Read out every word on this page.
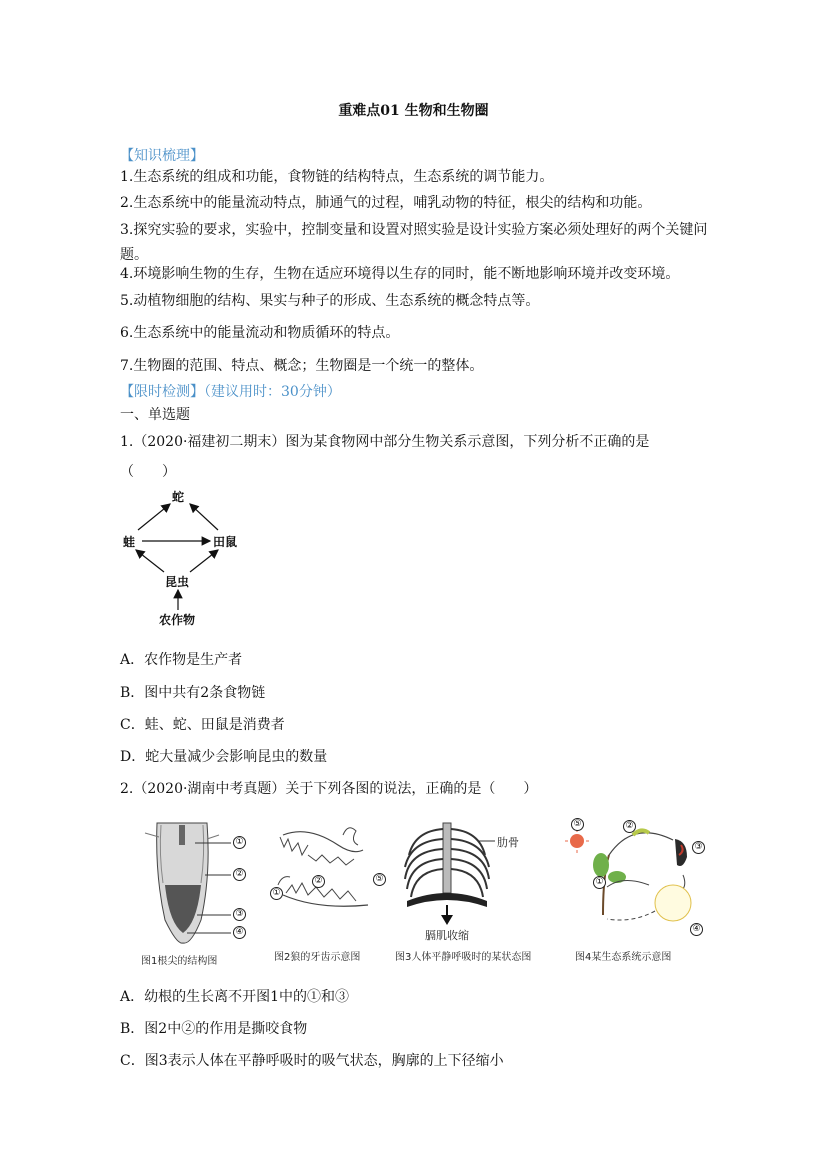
重难点01 生物和生物圈
【知识梳理】
1.生态系统的组成和功能，食物链的结构特点，生态系统的调节能力。
2.生态系统中的能量流动特点，肺通气的过程，哺乳动物的特征，根尖的结构和功能。
3.探究实验的要求，实验中，控制变量和设置对照实验是设计实验方案必须处理好的两个关键问题。
4.环境影响生物的生存，生物在适应环境得以生存的同时，能不断地影响环境并改变环境。
5.动植物细胞的结构、果实与种子的形成、生态系统的概念特点等。
6.生态系统中的能量流动和物质循环的特点。
7.生物圈的范围、特点、概念；生物圈是一个统一的整体。
【限时检测】（建议用时：30分钟）
一、单选题
1.（2020·福建初二期末）图为某食物网中部分生物关系示意图，下列分析不正确的是
（　　）
蛇
蛙	田鼠
昆虫
农作物
A．农作物是生产者
B．图中共有2条食物链
C．蛙、蛇、田鼠是消费者
D．蛇大量减少会影响昆虫的数量
2.（2020·湖南中考真题）关于下列各图的说法，正确的是（　　）
①
②
③
④
图1根尖的结构图
①
②	⑤
图2狼的牙齿示意图
肋骨
膈肌收缩
图3人体平静呼吸时的某状态图
⑤
①
②
③
④
图4某生态系统示意图
A．幼根的生长离不开图1中的①和③
B．图2中②的作用是撕咬食物
C．图3表示人体在平静呼吸时的吸气状态，胸廓的上下径缩小
